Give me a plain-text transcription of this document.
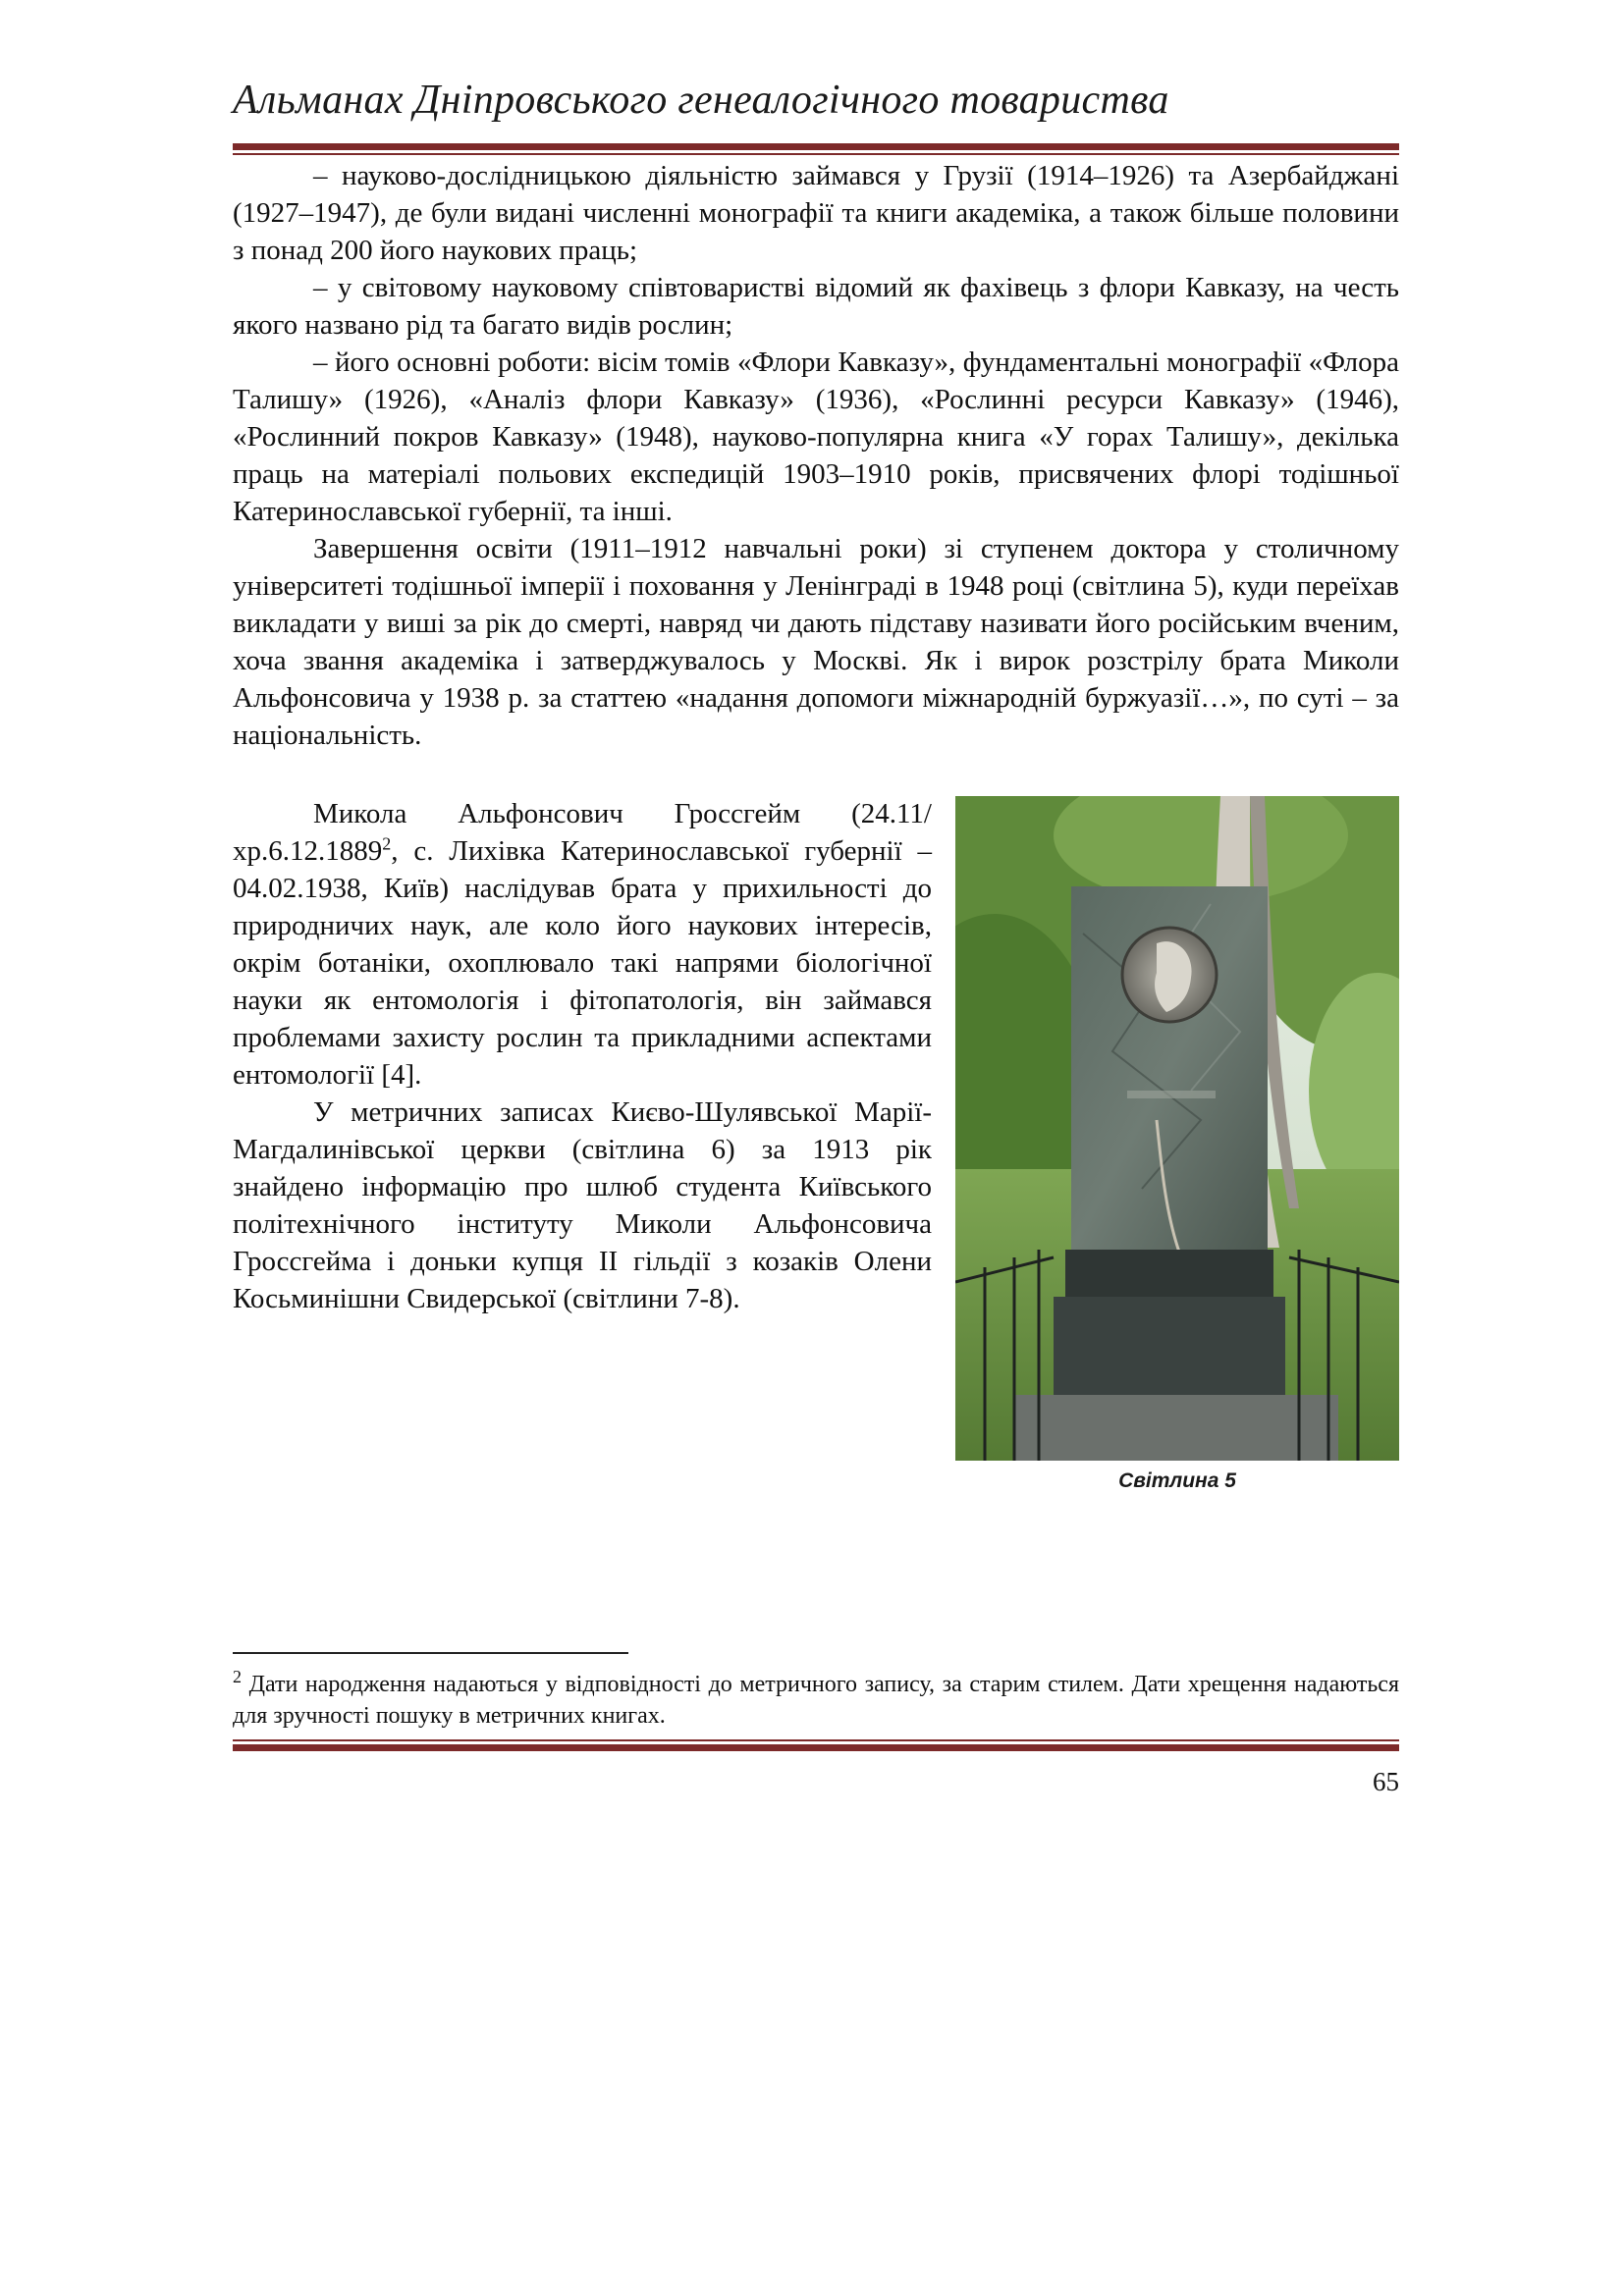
Альманах Дніпровського генеалогічного товариства

– науково-дослідницькою діяльністю займався у Грузії (1914–1926) та Азербайджані (1927–1947), де були видані численні монографії та книги академіка, а також більше половини з понад 200 його наукових праць;

– у світовому науковому співтоваристві відомий як фахівець з флори Кавказу, на честь якого названо рід та багато видів рослин;

– його основні роботи: вісім томів «Флори Кавказу», фундаментальні монографії «Флора Талишу» (1926), «Аналіз флори Кавказу» (1936), «Рослинні ресурси Кавказу» (1946), «Рослинний покров Кавказу» (1948), науково-популярна книга «У горах Талишу», декілька праць на матеріалі польових експедицій 1903–1910 років, присвячених флорі тодішньої Катеринославської губернії, та інші.

Завершення освіти (1911–1912 навчальні роки) зі ступенем доктора у столичному університеті тодішньої імперії і поховання у Ленінграді в 1948 році (світлина 5), куди переїхав викладати у виші за рік до смерті, навряд чи дають підставу називати його російським вченим, хоча звання академіка і затверджувалось у Москві. Як і вирок розстрілу брата Миколи Альфонсовича у 1938 р. за статтею «надання допомоги міжнародній буржуазії…», по суті – за національність.

Микола Альфонсович Гроссгейм (24.11/хр.6.12.1889$^2$, с. Лихівка Катеринославської губернії – 04.02.1938, Київ) наслідував брата у прихильності до природничих наук, але коло його наукових інтересів, окрім ботаніки, охоплювало такі напрями біологічної науки як ентомологія і фітопатологія, він займався проблемами захисту рослин та прикладними аспектами ентомології [4].

У метричних записах Києво-Шулявської Марії-Магдалинівської церкви (світлина 6) за 1913 рік знайдено інформацію про шлюб студента Київського політехнічного інституту Миколи Альфонсовича Гроссгейма і доньки купця ІІ гільдії з козаків Олени Косьминішни Свидерської (світлини 7-8).

Світлина 5
$^2$ Дати народження надаються у відповідності до метричного запису, за старим стилем. Дати хрещення надаються для зручності пошуку в метричних книгах.
65
